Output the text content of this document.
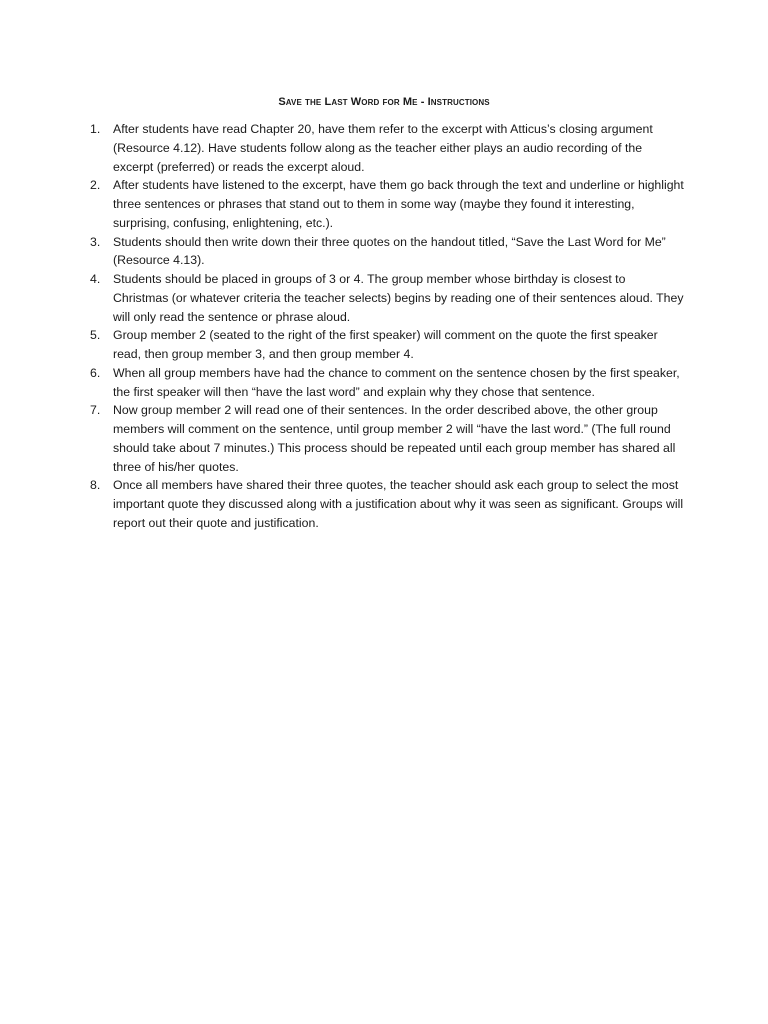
Save the Last Word for Me - Instructions
1 . After students have read Chapter 20, have them refer to the excerpt with Atticus’s closing argument (Resource 4.12). Have students follow along as the teacher either plays an audio recording of the excerpt (preferred) or reads the excerpt aloud.
2 . After students have listened to the excerpt, have them go back through the text and underline or highlight three sentences or phrases that stand out to them in some way (maybe they found it interesting, surprising, confusing, enlightening, etc.).
3 . Students should then write down their three quotes on the handout titled, “Save the Last Word for Me” (Resource 4.13).
4 . Students should be placed in groups of 3 or 4. The group member whose birthday is closest to Christmas (or whatever criteria the teacher selects) begins by reading one of their sentences aloud. They will only read the sentence or phrase aloud.
5 . Group member 2 (seated to the right of the first speaker) will comment on the quote the first speaker read, then group member 3, and then group member 4.
6 . When all group members have had the chance to comment on the sentence chosen by the first speaker, the first speaker will then “have the last word” and explain why they chose that sentence.
7 . Now group member 2 will read one of their sentences. In the order described above, the other group members will comment on the sentence, until group member 2 will “have the last word.” (The full round should take about 7 minutes.) This process should be repeated until each group member has shared all three of his/her quotes.
8 . Once all members have shared their three quotes, the teacher should ask each group to select the most important quote they discussed along with a justification about why it was seen as significant. Groups will report out their quote and justification.
